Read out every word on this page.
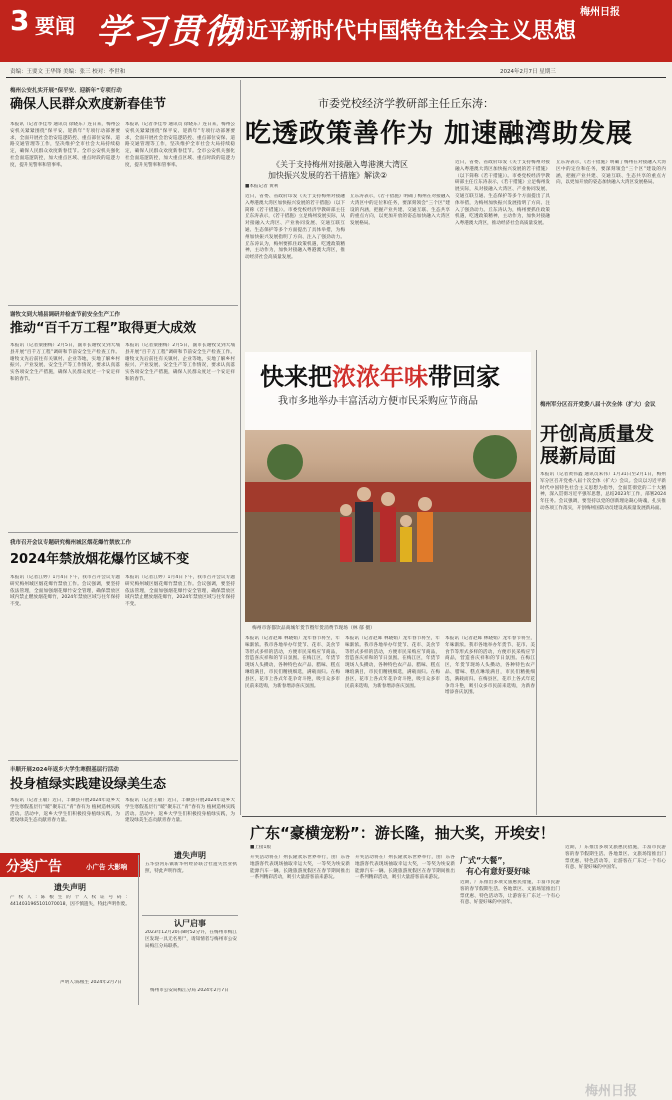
3 要闻 学习贯彻
习近平新时代中国特色社会主义思想
梅州日报
责编：王要文 王华锋 美编：张三 校对：李世和	2024年2月7日 星期三
梅州公安扎实开展“保平安、迎新年”专项行动
确保人民群众欢度新春佳节
本报讯（记者李佳琴 通讯员 徐晓东）连日来，梅州公安机关紧紧围绕“保平安、迎新年”专项行动部署要求，全面开展社会治安巡逻防控、重点部位安保、道路交通管理等工作，坚决维护全市社会大局持续稳定，确保人民群众欢度新春佳节。全市公安机关强化社会面巡逻防控，加大重点区域、重点时段的巡逻力度，提升见警率和管事率。
本报讯（记者李佳琴 通讯员 徐晓东）连日来，梅州公安机关紧紧围绕“保平安、迎新年”专项行动部署要求，全面开展社会治安巡逻防控、重点部位安保、道路交通管理等工作，坚决维护全市社会大局持续稳定，确保人民群众欢度新春佳节。全市公安机关强化社会面巡逻防控，加大重点区域、重点时段的巡逻力度，提升见警率和管事率。
谢牧文到大埔县调研并检查节前安全生产工作
推动“百千万工程”取得更大成效
本报讯（记者梁丽梅）2月5日，副市长谢牧文到大埔县开展“百千万工程”调研和节前安全生产检查工作。谢牧文先后前往有关镇村、企业等地，实地了解乡村振兴、产业发展、安全生产等工作情况，要求认真落实各项安全生产措施，确保人民群众度过一个安定祥和的春节。
本报讯（记者梁丽梅）2月5日，副市长谢牧文到大埔县开展“百千万工程”调研和节前安全生产检查工作。谢牧文先后前往有关镇村、企业等地，实地了解乡村振兴、产业发展、安全生产等工作情况，要求认真落实各项安全生产措施，确保人民群众度过一个安定祥和的春节。
我市召开会议专题研究梅州城区烟花爆竹禁放工作
2024年禁放烟花爆竹区域不变
本报讯（记者江婷）1月4日下午，我市召开会议专题研究梅州城区烟花爆竹禁放工作。会议强调，要坚持依法管理，全面加强烟花爆竹安全管理，确保禁放区域内禁止燃放烟花爆竹，2024年禁放区域与往年保持不变。
本报讯（记者江婷）1月4日下午，我市召开会议专题研究梅州城区烟花爆竹禁放工作。会议强调，要坚持依法管理，全面加强烟花爆竹安全管理，确保禁放区域内禁止燃放烟花爆竹，2024年禁放区域与往年保持不变。
丰顺开展2024年返乡大学生寒假基层行活动
投身植绿实践建设绿美生态
本报讯（记者王敏）近日，丰顺县开展2024年返乡大学生寒假基层行“暖”聚东江“青”春有为 植树造林实践活动。活动中，返乡大学生们积极投身植绿实践，为建设绿美生态贡献青春力量。
本报讯（记者王敏）近日，丰顺县开展2024年返乡大学生寒假基层行“暖”聚东江“青”春有为 植树造林实践活动。活动中，返乡大学生们积极投身植绿实践，为建设绿美生态贡献青春力量。
分类广告	小广告 大影响
遗失声明
产权人:陈根生的个人权证号码：4414031965101070018，因不慎遗失，特此声明作废。
声明人:陈根生 2024年2月7日
遗失声明
五华县河东镇新华村经济联合社遗失营业执照，特此声明作废。
认尸启事
2023年12月20日8时52分许，在梅州市梅江区发现一具无名男尸，请知情者与梅州市公安局梅江分局联系。
梅州市公安局梅江分局 2024年2月7日
市委党校经济学教研部主任丘东涛：
吃透政策善作为 加速融湾助发展
《关于支持梅州对接融入粤港澳大湾区
加快振兴发展的若干措施》解读②
■本报记者 黄利
近日，省委、省政府印发《关于支持梅州对接融入粤港澳大湾区加快振兴发展的若干措施》（以下简称《若干措施》）。市委党校经济学教研部主任丘东涛表示，《若干措施》立足梅州发展实际，从对接融入大湾区、产业协同发展、交通互联互通、生态保护等多个方面提出了具体举措，为梅州加快振兴发展指明了方向、注入了强劲动力。丘东涛认为，梅州要抓住政策机遇，吃透政策精神，主动作为，加快对接融入粤港澳大湾区，推动经济社会高质量发展。
丘东涛表示，《若干措施》明确了梅州在对接融入大湾区中的定位和任务，要深刻领会“三个区”建设的内涵，把握产业共建、交通互联、生态共享的重点方向，以更加开放的姿态加快融入大湾区发展格局。
近日，省委、省政府印发《关于支持梅州对接融入粤港澳大湾区加快振兴发展的若干措施》（以下简称《若干措施》）。市委党校经济学教研部主任丘东涛表示，《若干措施》立足梅州发展实际，从对接融入大湾区、产业协同发展、交通互联互通、生态保护等多个方面提出了具体举措，为梅州加快振兴发展指明了方向、注入了强劲动力。丘东涛认为，梅州要抓住政策机遇，吃透政策精神，主动作为，加快对接融入粤港澳大湾区，推动经济社会高质量发展。
丘东涛表示，《若干措施》明确了梅州在对接融入大湾区中的定位和任务，要深刻领会“三个区”建设的内涵，把握产业共建、交通互联、生态共享的重点方向，以更加开放的姿态加快融入大湾区发展格局。
快来把浓浓年味带回家
我市多地举办丰富活动方便市民采购应节商品
梅州市客都饮品商城年货节暨年货消费节现场（林 郁 摄）
本报讯（记者赵晖 林晓娟）龙年春节将至，年味渐浓。我市各地举办年货节、花市、美食节等形式多样的活动，方便市民采购应节商品，营造喜庆祥和的节日氛围。在梅江区，年货节现场人头攒动，各种特色农产品、腊味、糕点琳琅满目，市民们精挑细选，满载而归。在梅县区，花市上各式年花争奇斗艳，吸引众多市民前来选购，为新春增添喜庆氛围。
本报讯（记者赵晖 林晓娟）龙年春节将至，年味渐浓。我市各地举办年货节、花市、美食节等形式多样的活动，方便市民采购应节商品，营造喜庆祥和的节日氛围。在梅江区，年货节现场人头攒动，各种特色农产品、腊味、糕点琳琅满目，市民们精挑细选，满载而归。在梅县区，花市上各式年花争奇斗艳，吸引众多市民前来选购，为新春增添喜庆氛围。
本报讯（记者赵晖 林晓娟）龙年春节将至，年味渐浓。我市各地举办年货节、花市、美食节等形式多样的活动，方便市民采购应节商品，营造喜庆祥和的节日氛围。在梅江区，年货节现场人头攒动，各种特色农产品、腊味、糕点琳琅满目，市民们精挑细选，满载而归。在梅县区，花市上各式年花争奇斗艳，吸引众多市民前来选购，为新春增添喜庆氛围。
梅州军分区召开党委八届十次全体（扩大）会议
开创高质量发展新局面
本报讯（记者黄伟鑫 通讯员朱伟）1月31日至2月1日，梅州军分区召开党委八届十次全体（扩大）会议。会议以习近平新时代中国特色社会主义思想为指导，全面贯彻党的二十大精神，深入贯彻习近平强军思想，总结2023年工作，部署2024年任务。会议强调，要坚持以党的创新理论凝心铸魂，扎实推动各项工作落实，开创梅州国防动员建设高质量发展新局面。
广东“豪横宠粉”：游长隆，抽大奖，开埃安！
■上接1版
开奖活动将在广州长隆欢乐世界举行，由广东各地游客代表现场抽取幸运大奖，一等奖为埃安新能源汽车一辆。长隆旅游度假区在春节期间推出一系列精彩活动，吸引大量游客前来游玩。
开奖活动将在广州长隆欢乐世界举行，由广东各地游客代表现场抽取幸运大奖，一等奖为埃安新能源汽车一辆。长隆旅游度假区在春节期间推出一系列精彩活动，吸引大量游客前来游玩。
广式“大餐”，
有心有意好耍好味
近期，广东推出多项文旅惠民措施，丰富市民游客的春节假期生活。各地景区、文旅场馆推出门票优惠、特色活动等，让游客在广东过一个有心有意、好耍好味的中国年。
近期，广东推出多项文旅惠民措施，丰富市民游客的春节假期生活。各地景区、文旅场馆推出门票优惠、特色活动等，让游客在广东过一个有心有意、好耍好味的中国年。
梅州日报
